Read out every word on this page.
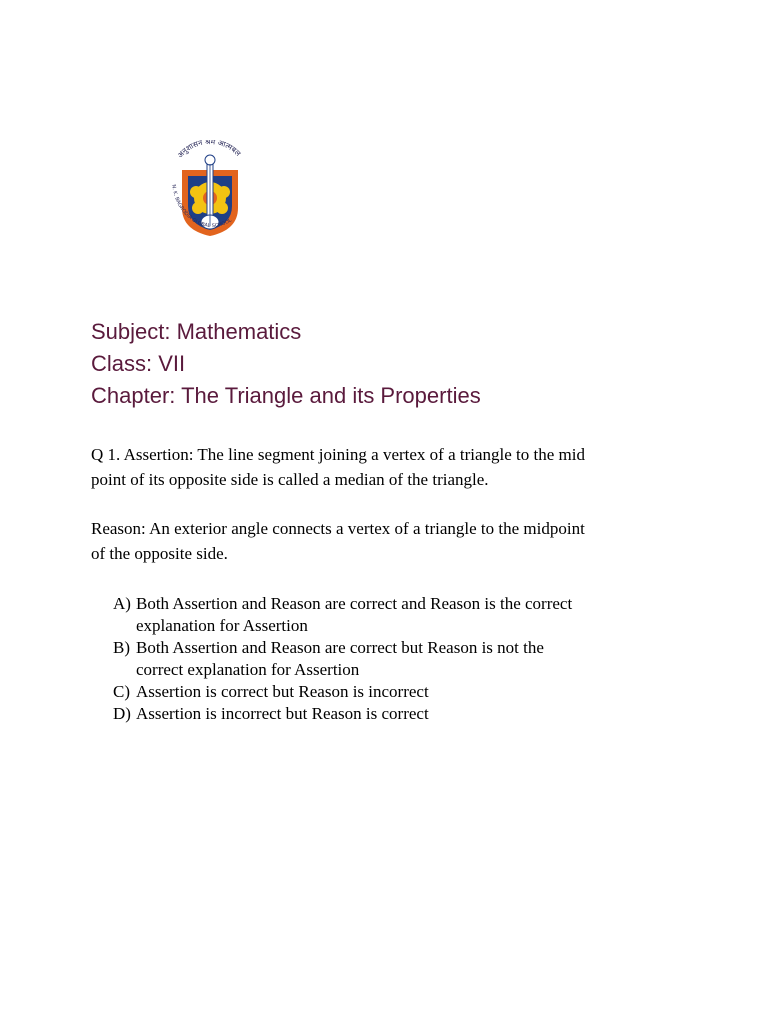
अनुशासन श्रम आत्मबल
N. K. BAGRODIA GLOBAL SCHOOL
Subject: Mathematics
Class: VII
Chapter: The Triangle and its Properties

Q 1. Assertion: The line segment joining a vertex of a triangle to the mid
point of its opposite side is called a median of the triangle.

Reason: An exterior angle connects a vertex of a triangle to the midpoint
of the opposite side.

A) Both Assertion and Reason are correct and Reason is the correct
explanation for Assertion
B) Both Assertion and Reason are correct but Reason is not the
correct explanation for Assertion
C) Assertion is correct but Reason is incorrect
D) Assertion is incorrect but Reason is correct
